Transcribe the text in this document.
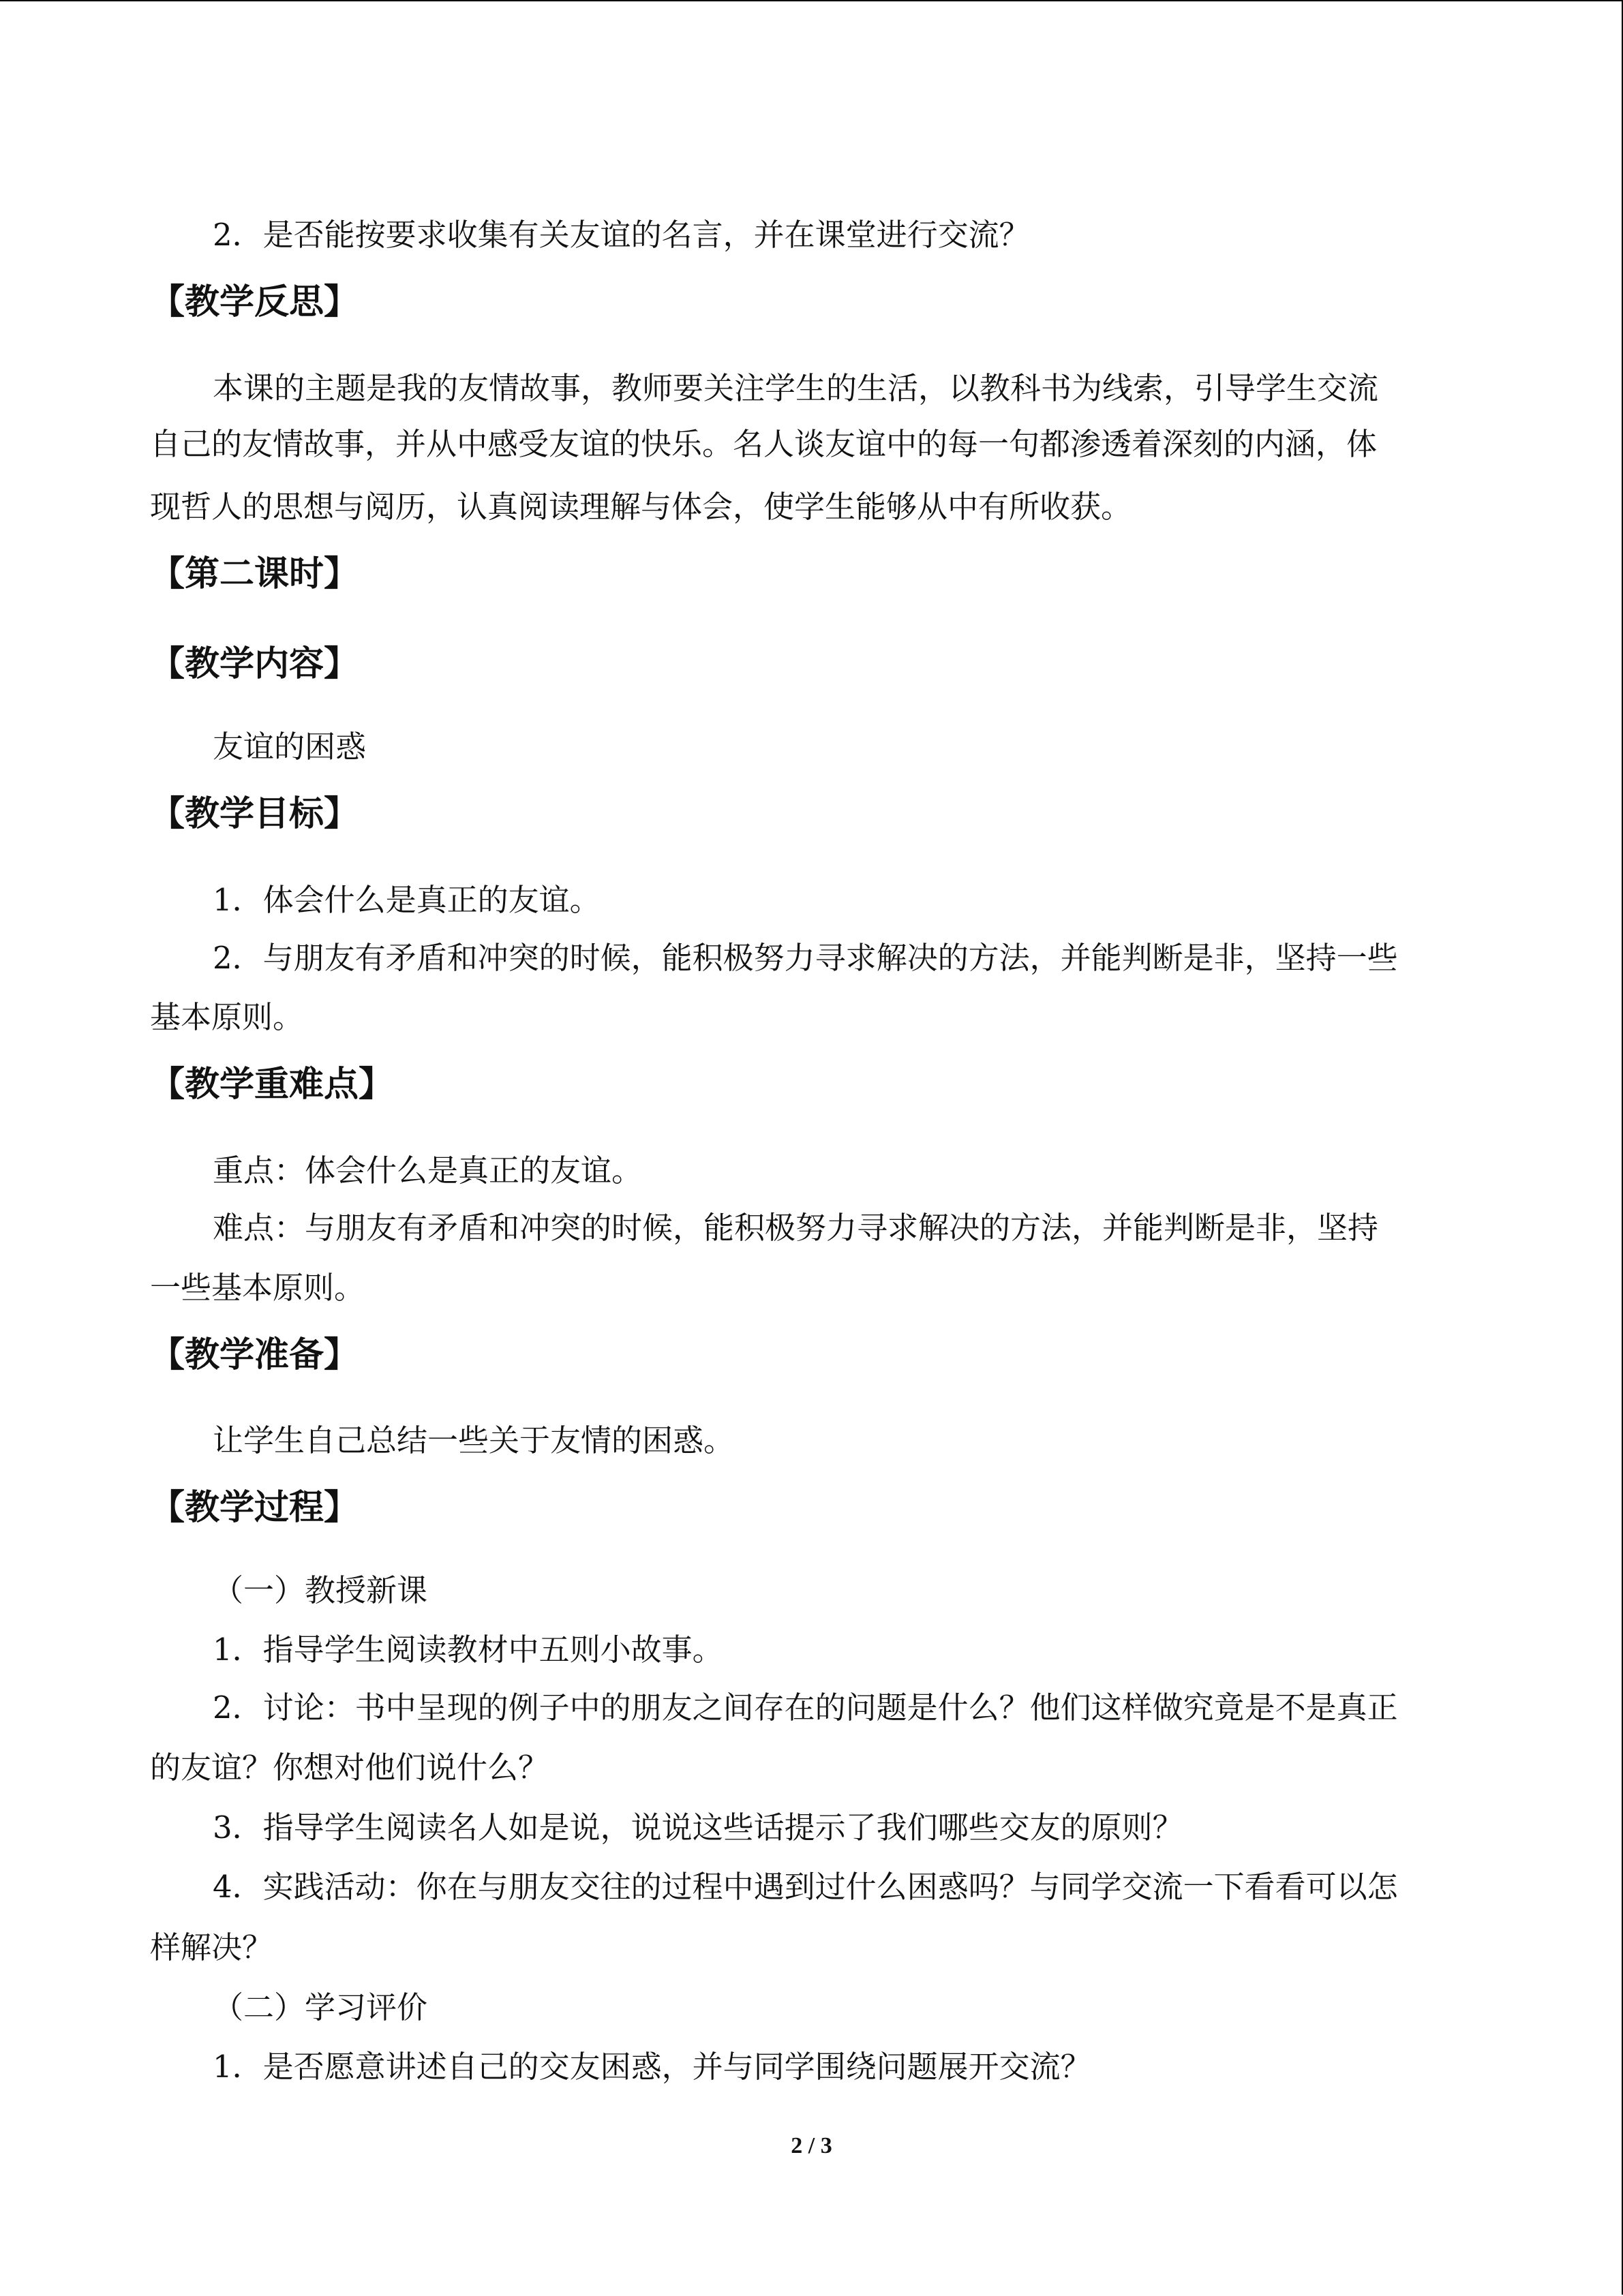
2．是否能按要求收集有关友谊的名言，并在课堂进行交流？
【教学反思】
本课的主题是我的友情故事，教师要关注学生的生活，以教科书为线索，引导学生交流
自己的友情故事，并从中感受友谊的快乐。名人谈友谊中的每一句都渗透着深刻的内涵，体
现哲人的思想与阅历，认真阅读理解与体会，使学生能够从中有所收获。
【第二课时】
【教学内容】
友谊的困惑
【教学目标】
1．体会什么是真正的友谊。
2．与朋友有矛盾和冲突的时候，能积极努力寻求解决的方法，并能判断是非，坚持一些
基本原则。
【教学重难点】
重点：体会什么是真正的友谊。
难点：与朋友有矛盾和冲突的时候，能积极努力寻求解决的方法，并能判断是非，坚持
一些基本原则。
【教学准备】
让学生自己总结一些关于友情的困惑。
【教学过程】
（一）教授新课
1．指导学生阅读教材中五则小故事。
2．讨论：书中呈现的例子中的朋友之间存在的问题是什么？他们这样做究竟是不是真正
的友谊？你想对他们说什么？
3．指导学生阅读名人如是说，说说这些话提示了我们哪些交友的原则？
4．实践活动：你在与朋友交往的过程中遇到过什么困惑吗？与同学交流一下看看可以怎
样解决？
（二）学习评价
1．是否愿意讲述自己的交友困惑，并与同学围绕问题展开交流？
2 / 3
